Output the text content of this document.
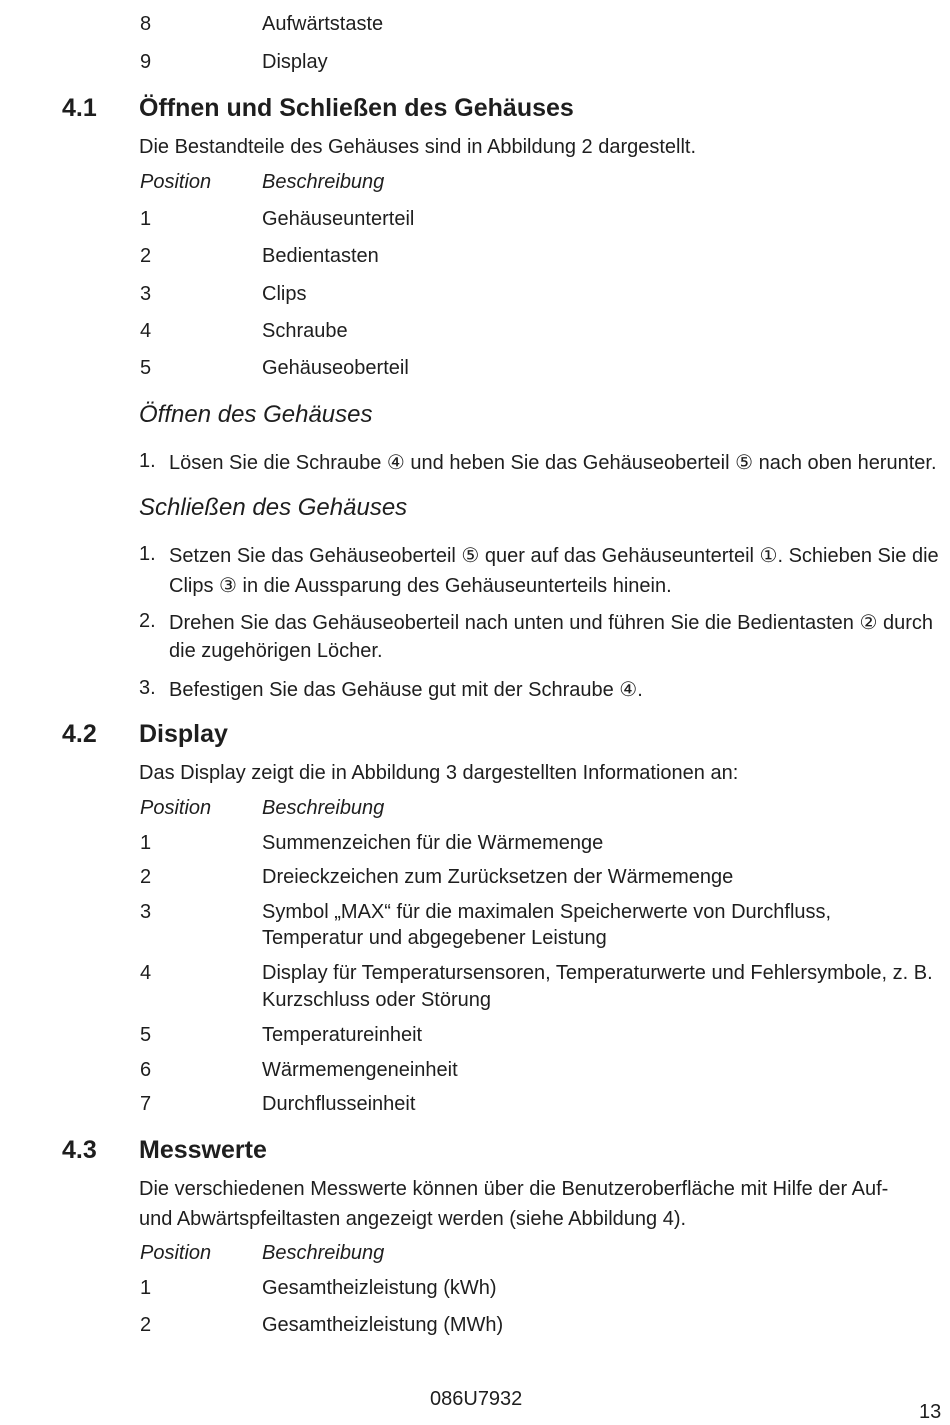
8	Aufwärtstaste
9	Display
4.1 Öffnen und Schließen des Gehäuses
Die Bestandteile des Gehäuses sind in Abbildung 2 dargestellt.
Position	Beschreibung
1	Gehäuseunterteil
2	Bedientasten
3	Clips
4	Schraube
5	Gehäuseoberteil
Öffnen des Gehäuses
1. Lösen Sie die Schraube ④ und heben Sie das Gehäuseoberteil ⑤ nach oben herunter.
Schließen des Gehäuses
1. Setzen Sie das Gehäuseoberteil ⑤ quer auf das Gehäuseunterteil ①. Schieben Sie die
Clips ③ in die Aussparung des Gehäuseunterteils hinein.
2. Drehen Sie das Gehäuseoberteil nach unten und führen Sie die Bedientasten ② durch
die zugehörigen Löcher.
3. Befestigen Sie das Gehäuse gut mit der Schraube ④.
4.2 Display
Das Display zeigt die in Abbildung 3 dargestellten Informationen an:
Position	Beschreibung
1	Summenzeichen für die Wärmemenge
2	Dreieckzeichen zum Zurücksetzen der Wärmemenge
3	Symbol „MAX“ für die maximalen Speicherwerte von Durchfluss,
Temperatur und abgegebener Leistung
4	Display für Temperatursensoren, Temperaturwerte und Fehlersymbole, z. B.
Kurzschluss oder Störung
5	Temperatureinheit
6	Wärmemengeneinheit
7	Durchflusseinheit
4.3 Messwerte
Die verschiedenen Messwerte können über die Benutzeroberfläche mit Hilfe der Auf-
und Abwärtspfeiltasten angezeigt werden (siehe Abbildung 4).
Position	Beschreibung
1	Gesamtheizleistung (kWh)
2	Gesamtheizleistung (MWh)
086U7932
13
